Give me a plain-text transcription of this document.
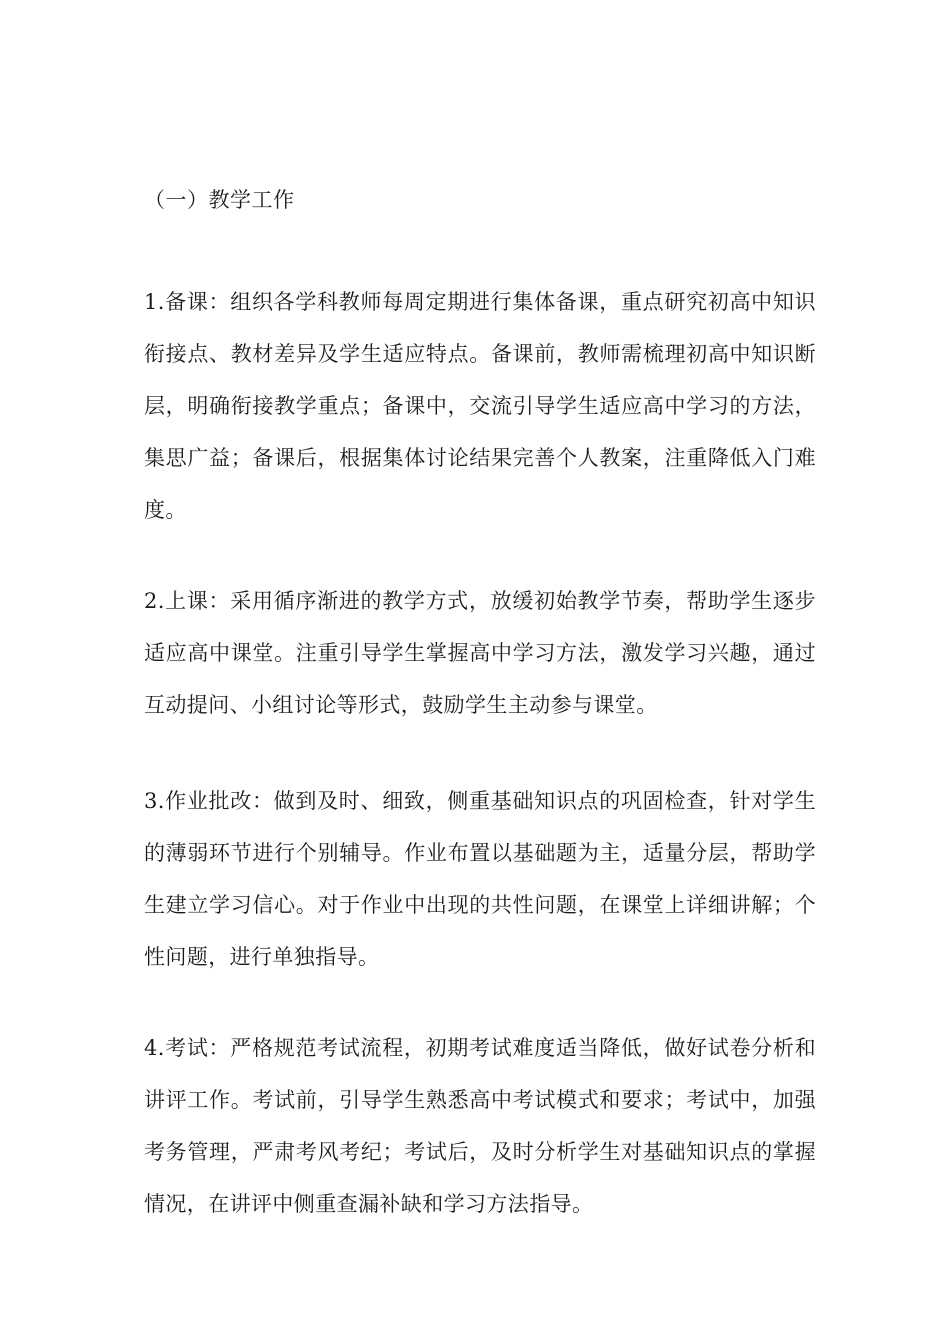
（一）教学工作

1.备课：组织各学科教师每周定期进行集体备课，重点研究初高中知识衔接点、教材差异及学生适应特点。备课前，教师需梳理初高中知识断层，明确衔接教学重点；备课中，交流引导学生适应高中学习的方法，集思广益；备课后，根据集体讨论结果完善个人教案，注重降低入门难度。

2.上课：采用循序渐进的教学方式，放缓初始教学节奏，帮助学生逐步适应高中课堂。注重引导学生掌握高中学习方法，激发学习兴趣，通过互动提问、小组讨论等形式，鼓励学生主动参与课堂。

3.作业批改：做到及时、细致，侧重基础知识点的巩固检查，针对学生的薄弱环节进行个别辅导。作业布置以基础题为主，适量分层，帮助学生建立学习信心。对于作业中出现的共性问题，在课堂上详细讲解；个性问题，进行单独指导。

4.考试：严格规范考试流程，初期考试难度适当降低，做好试卷分析和讲评工作。考试前，引导学生熟悉高中考试模式和要求；考试中，加强考务管理，严肃考风考纪；考试后，及时分析学生对基础知识点的掌握情况，在讲评中侧重查漏补缺和学习方法指导。
